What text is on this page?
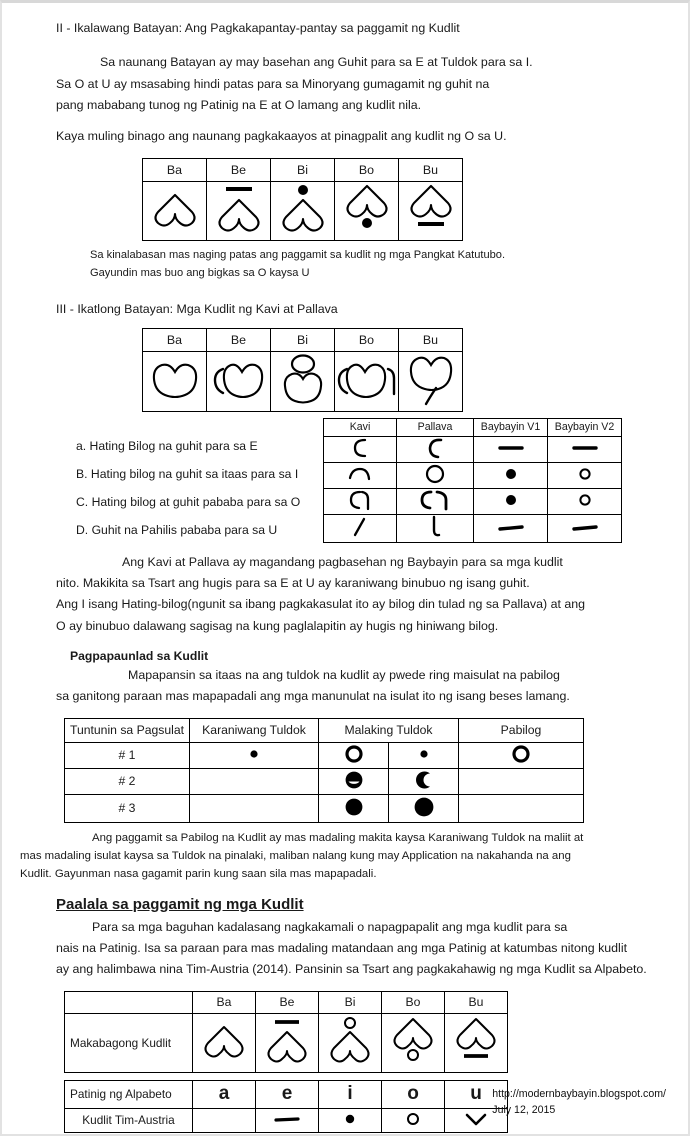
II - Ikalawang Batayan: Ang Pagkakapantay-pantay sa paggamit ng Kudlit
Sa naunang Batayan ay may basehan ang Guhit para sa E at Tuldok para sa I.
Sa O at U ay msasabing hindi patas para sa Minoryang gumagamit ng guhit na
pang mababang tunog ng Patinig na E at O lamang ang kudlit nila.
Kaya muling binago ang naunang pagkakaayos at pinagpalit ang kudlit ng O sa U.
Ba	Be	Bi	Bo	Bu

Sa kinalabasan mas naging patas ang paggamit sa kudlit ng mga Pangkat Katutubo.
Gayundin mas buo ang bigkas sa O kaysa U
III - Ikatlong Batayan: Mga Kudlit ng Kavi at Pallava
Ba	Be	Bi	Bo	Bu

a. Hating Bilog na guhit para sa E
B. Hating bilog na guhit sa itaas para sa I
C. Hating bilog at guhit pababa para sa O
D. Guhit na Pahilis pababa para sa U
Kavi	Pallava	Baybayin V1	Baybayin V2

Ang Kavi at Pallava ay magandang pagbasehan ng Baybayin para sa mga kudlit
nito. Makikita sa Tsart ang hugis para sa E at U ay karaniwang binubuo ng isang guhit.
Ang I isang Hating-bilog(ngunit sa ibang pagkakasulat ito ay bilog din tulad ng sa Pallava) at ang
O ay binubuo dalawang sagisag na kung paglalapitin ay hugis ng hiniwang bilog.
Pagpapaunlad sa Kudlit
Mapapansin sa itaas na ang tuldok na kudlit ay pwede ring maisulat na pabilog
sa ganitong paraan mas mapapadali ang mga manunulat na isulat ito ng isang beses lamang.
Tuntunin sa Pagsulat	Karaniwang Tuldok	Malaking Tuldok		Pabilog
# 1	

# 2		

# 3		

Ang paggamit sa Pabilog na Kudlit ay mas madaling makita kaysa Karaniwang Tuldok na maliit at
mas madaling isulat kaysa sa Tuldok na pinalaki, maliban nalang kung may Application na nakahanda na ang
Kudlit. Gayunman nasa gagamit parin kung saan sila mas mapapadali.
Paalala sa paggamit ng mga Kudlit
Para sa mga baguhan kadalasang nagkakamali o napagpapalit ang mga kudlit para sa
nais na Patinig. Isa sa paraan para mas madaling matandaan ang mga Patinig at katumbas nitong kudlit
ay ang halimbawa nina Tim-Austria (2014). Pansinin sa Tsart ang pagkakahawig ng mga Kudlit sa Alpabeto.
	Ba	Be	Bi	Bo	Bu
Makabagong Kudlit	

Patinig ng Alpabeto	a	e	i	o	u
Kudlit Tim-Austria		

http://modernbaybayin.blogspot.com/
July 12, 2015
